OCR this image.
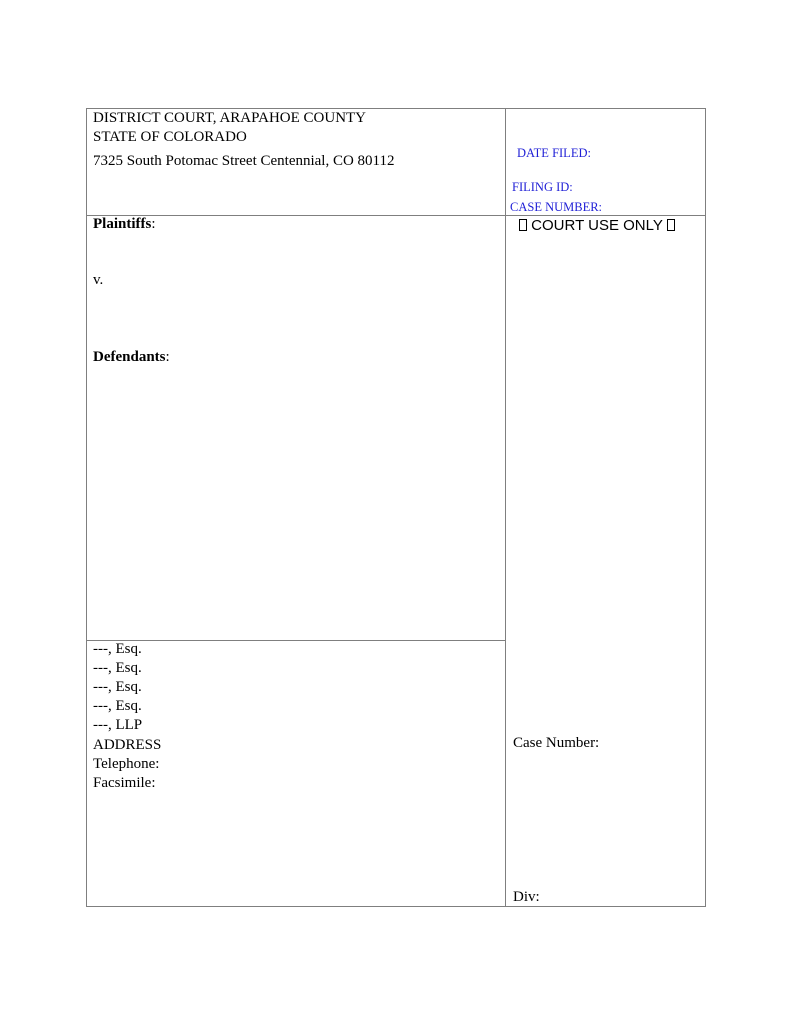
DISTRICT COURT, ARAPAHOE COUNTY
STATE OF COLORADO
7325 South Potomac Street Centennial, CO 80112	DATE FILED:
FILING ID:
CASE NUMBER:
Plaintiffs:
v.
Defendants:
COURT USE ONLY
---, Esq.
---, Esq.
---, Esq.
---, Esq.
---, LLP
ADDRESS
Telephone:
Facsimile:
Case Number:
Div:
